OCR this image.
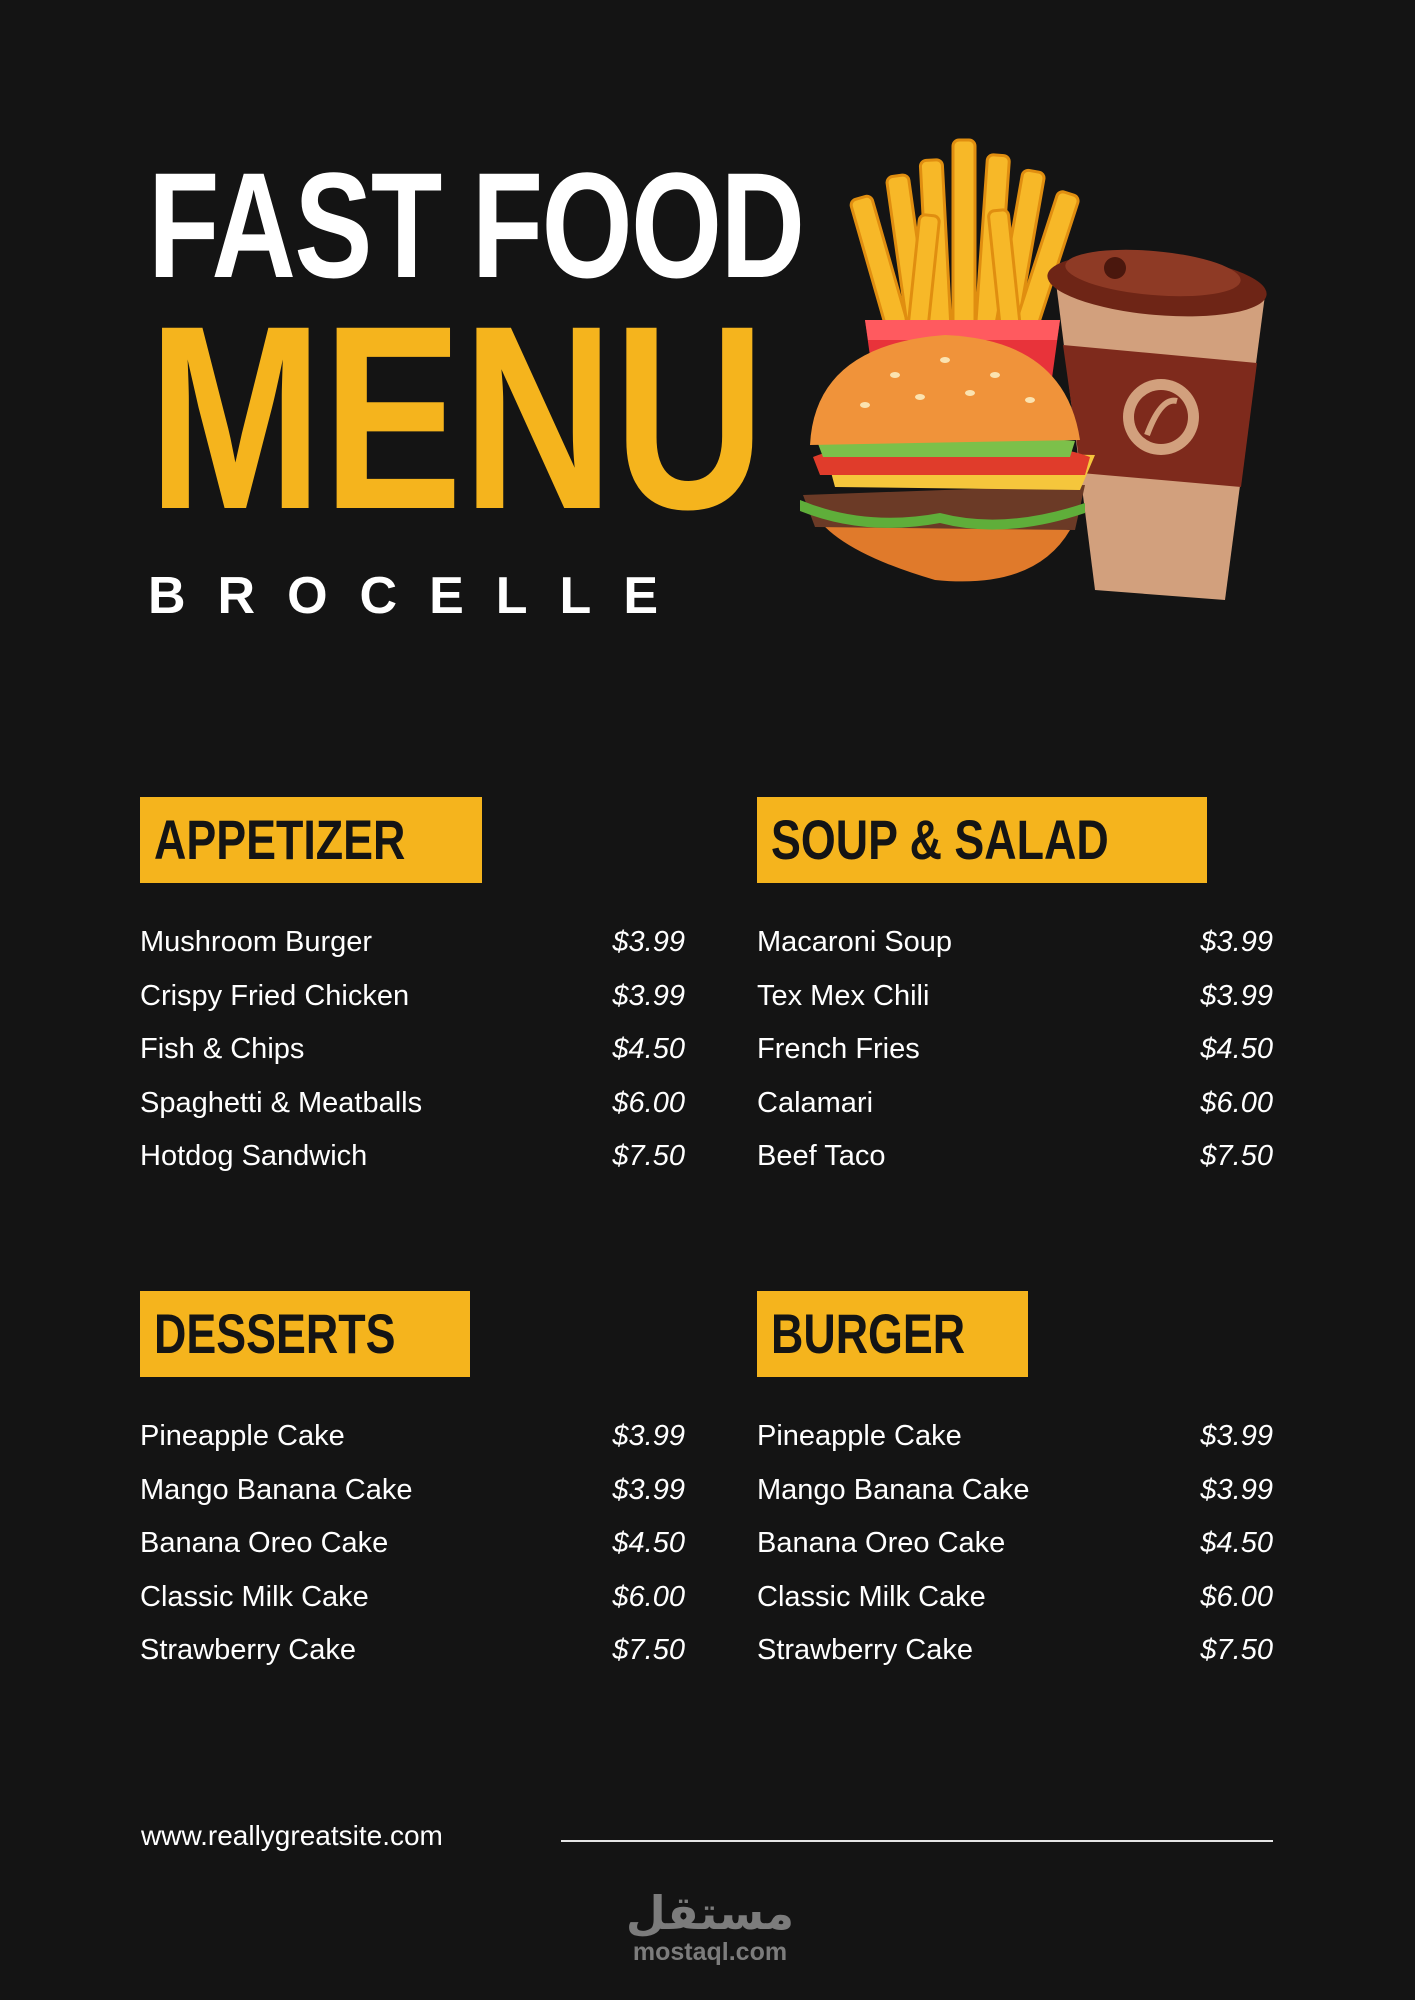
FAST FOOD
MENU
BROCELLE
APPETIZER
Mushroom Burger	$3.99
Crispy Fried Chicken	$3.99
Fish & Chips	$4.50
Spaghetti & Meatballs	$6.00
Hotdog Sandwich	$7.50
SOUP & SALAD
Macaroni Soup	$3.99
Tex Mex Chili	$3.99
French Fries	$4.50
Calamari	$6.00
Beef Taco	$7.50
DESSERTS
Pineapple Cake	$3.99
Mango Banana Cake	$3.99
Banana Oreo Cake	$4.50
Classic Milk Cake	$6.00
Strawberry Cake	$7.50
BURGER
Pineapple Cake	$3.99
Mango Banana Cake	$3.99
Banana Oreo Cake	$4.50
Classic Milk Cake	$6.00
Strawberry Cake	$7.50
www.reallygreatsite.com
مستقل
mostaql.com
